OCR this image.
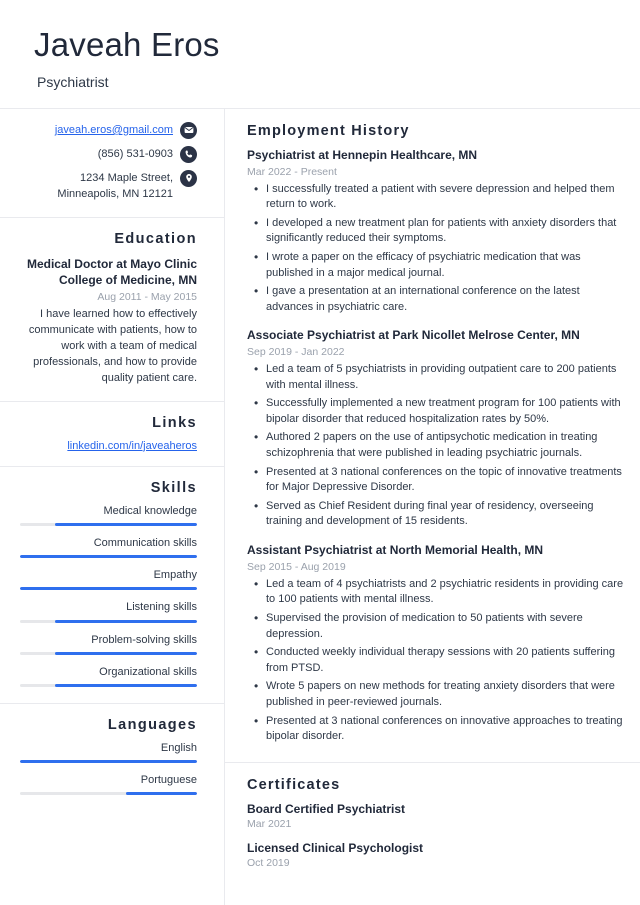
Javeah Eros
Psychiatrist
javeah.eros@gmail.com
(856) 531-0903
1234 Maple Street, Minneapolis, MN 12121
Education
Medical Doctor at Mayo Clinic College of Medicine, MN
Aug 2011 - May 2015
I have learned how to effectively communicate with patients, how to work with a team of medical professionals, and how to provide quality patient care.
Links
linkedin.com/in/javeaheros
Skills
Medical knowledge
Communication skills
Empathy
Listening skills
Problem-solving skills
Organizational skills
Languages
English
Portuguese
Employment History
Psychiatrist at Hennepin Healthcare, MN
Mar 2022 - Present
• I successfully treated a patient with severe depression and helped them return to work.
• I developed a new treatment plan for patients with anxiety disorders that significantly reduced their symptoms.
• I wrote a paper on the efficacy of psychiatric medication that was published in a major medical journal.
• I gave a presentation at an international conference on the latest advances in psychiatric care.
Associate Psychiatrist at Park Nicollet Melrose Center, MN
Sep 2019 - Jan 2022
• Led a team of 5 psychiatrists in providing outpatient care to 200 patients with mental illness.
• Successfully implemented a new treatment program for 100 patients with bipolar disorder that reduced hospitalization rates by 50%.
• Authored 2 papers on the use of antipsychotic medication in treating schizophrenia that were published in leading psychiatric journals.
• Presented at 3 national conferences on the topic of innovative treatments for Major Depressive Disorder.
• Served as Chief Resident during final year of residency, overseeing training and development of 15 residents.
Assistant Psychiatrist at North Memorial Health, MN
Sep 2015 - Aug 2019
• Led a team of 4 psychiatrists and 2 psychiatric residents in providing care to 100 patients with mental illness.
• Supervised the provision of medication to 50 patients with severe depression.
• Conducted weekly individual therapy sessions with 20 patients suffering from PTSD.
• Wrote 5 papers on new methods for treating anxiety disorders that were published in peer-reviewed journals.
• Presented at 3 national conferences on innovative approaches to treating bipolar disorder.
Certificates
Board Certified Psychiatrist
Mar 2021
Licensed Clinical Psychologist
Oct 2019
